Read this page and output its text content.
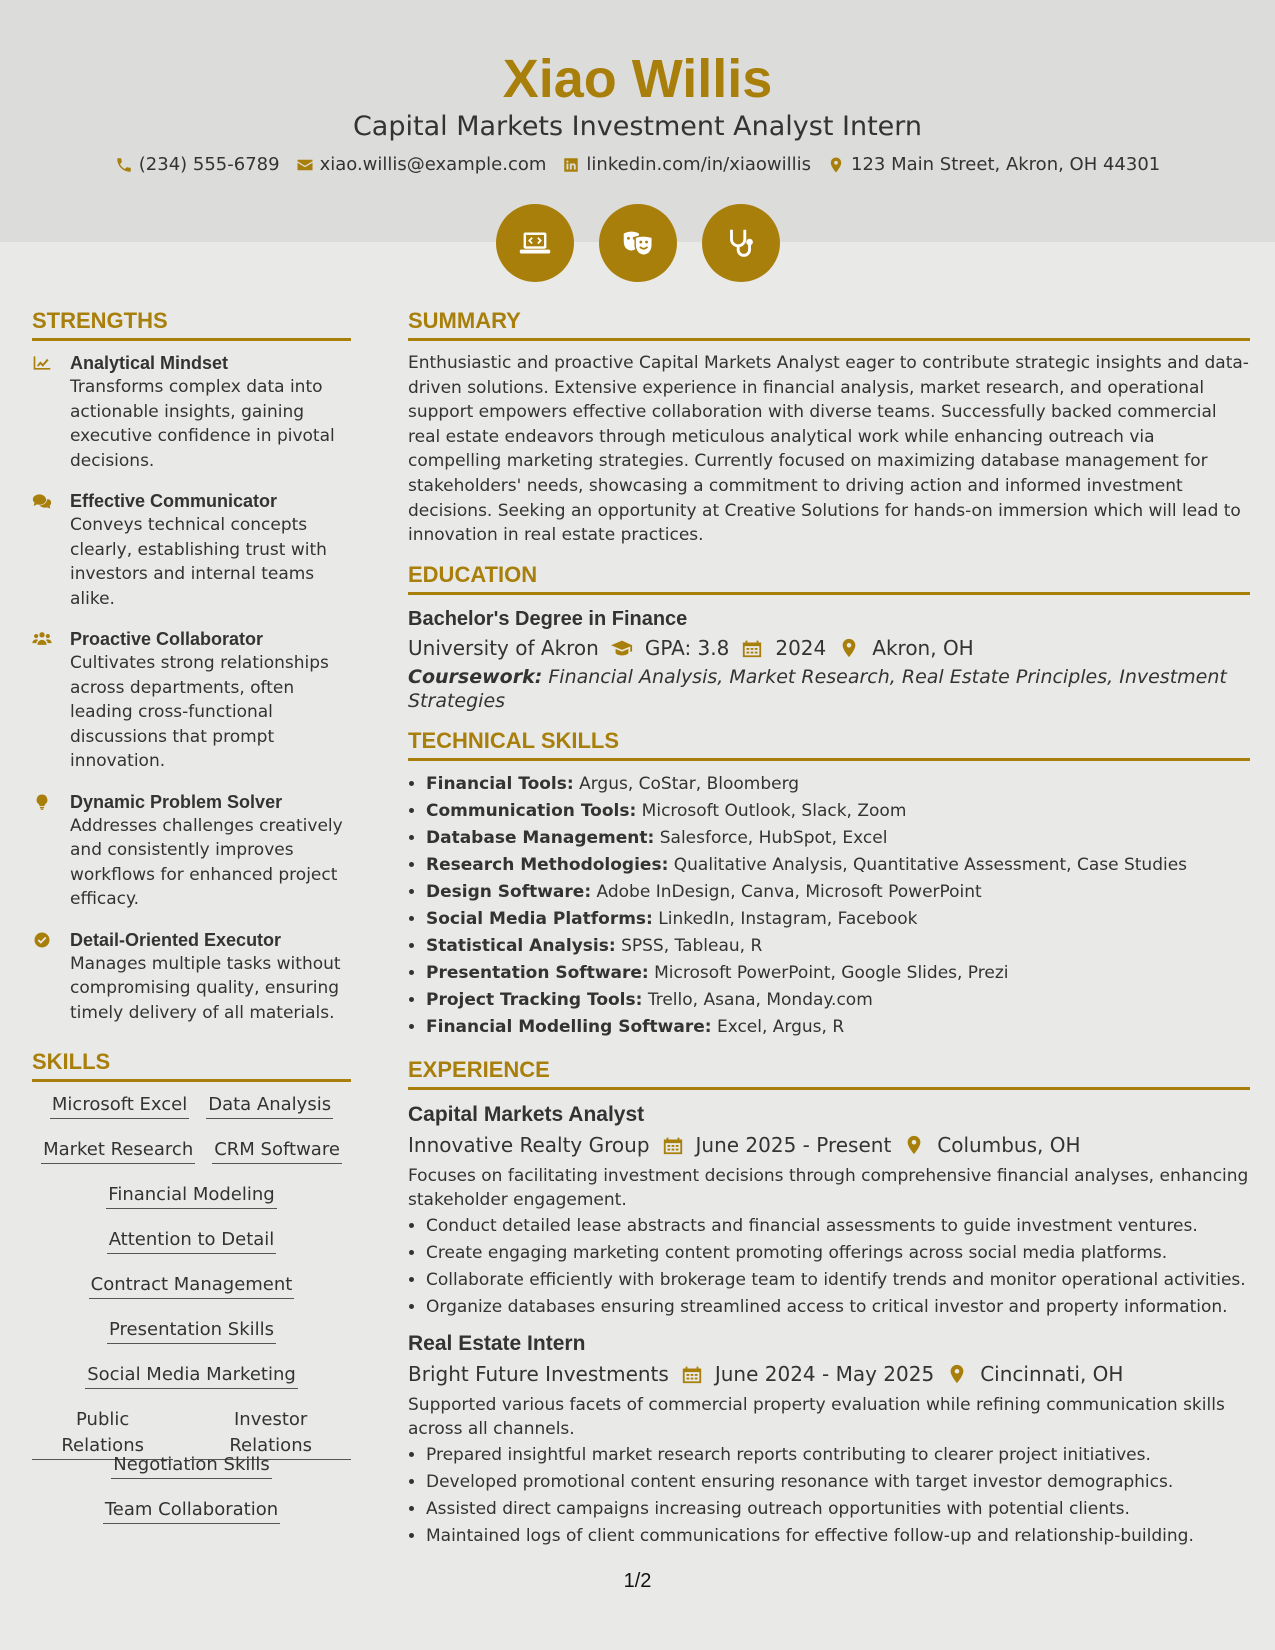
Xiao Willis
Capital Markets Investment Analyst Intern
(234) 555-6789 xiao.willis@example.com linkedin.com/in/xiaowillis 123 Main Street, Akron, OH 44301
STRENGTHS
Analytical Mindset
Transforms complex data into actionable insights, gaining executive confidence in pivotal decisions.
Effective Communicator
Conveys technical concepts clearly, establishing trust with investors and internal teams alike.
Proactive Collaborator
Cultivates strong relationships across departments, often leading cross-functional discussions that prompt innovation.
Dynamic Problem Solver
Addresses challenges creatively and consistently improves workflows for enhanced project efficacy.
Detail-Oriented Executor
Manages multiple tasks without compromising quality, ensuring timely delivery of all materials.
SKILLS
Microsoft Excel Data Analysis
Market Research CRM Software
Financial Modeling
Attention to Detail
Contract Management
Presentation Skills
Social Media Marketing
Public Relations
Investor Relations
Negotiation Skills
Team Collaboration
SUMMARY

Enthusiastic and proactive Capital Markets Analyst eager to contribute strategic insights and data-driven solutions. Extensive experience in financial analysis, market research, and operational support empowers effective collaboration with diverse teams. Successfully backed commercial real estate endeavors through meticulous analytical work while enhancing outreach via compelling marketing strategies. Currently focused on maximizing database management for stakeholders' needs, showcasing a commitment to driving action and informed investment decisions. Seeking an opportunity at Creative Solutions for hands-on immersion which will lead to innovation in real estate practices.

EDUCATION
Bachelor's Degree in Finance
University of Akron GPA: 3.8 2024 Akron, OH
Coursework: Financial Analysis, Market Research, Real Estate Principles, Investment Strategies
TECHNICAL SKILLS
• Financial Tools: Argus, CoStar, Bloomberg
• Communication Tools: Microsoft Outlook, Slack, Zoom
• Database Management: Salesforce, HubSpot, Excel
• Research Methodologies: Qualitative Analysis, Quantitative Assessment, Case Studies
• Design Software: Adobe InDesign, Canva, Microsoft PowerPoint
• Social Media Platforms: LinkedIn, Instagram, Facebook
• Statistical Analysis: SPSS, Tableau, R
• Presentation Software: Microsoft PowerPoint, Google Slides, Prezi
• Project Tracking Tools: Trello, Asana, Monday.com
• Financial Modelling Software: Excel, Argus, R
EXPERIENCE
Capital Markets Analyst
Innovative Realty Group June 2025 - Present Columbus, OH
Focuses on facilitating investment decisions through comprehensive financial analyses, enhancing stakeholder engagement.
• Conduct detailed lease abstracts and financial assessments to guide investment ventures.
• Create engaging marketing content promoting offerings across social media platforms.
• Collaborate efficiently with brokerage team to identify trends and monitor operational activities.
• Organize databases ensuring streamlined access to critical investor and property information.
Real Estate Intern
Bright Future Investments June 2024 - May 2025 Cincinnati, OH
Supported various facets of commercial property evaluation while refining communication skills across all channels.
• Prepared insightful market research reports contributing to clearer project initiatives.
• Developed promotional content ensuring resonance with target investor demographics.
• Assisted direct campaigns increasing outreach opportunities with potential clients.
• Maintained logs of client communications for effective follow-up and relationship-building.
1/2
